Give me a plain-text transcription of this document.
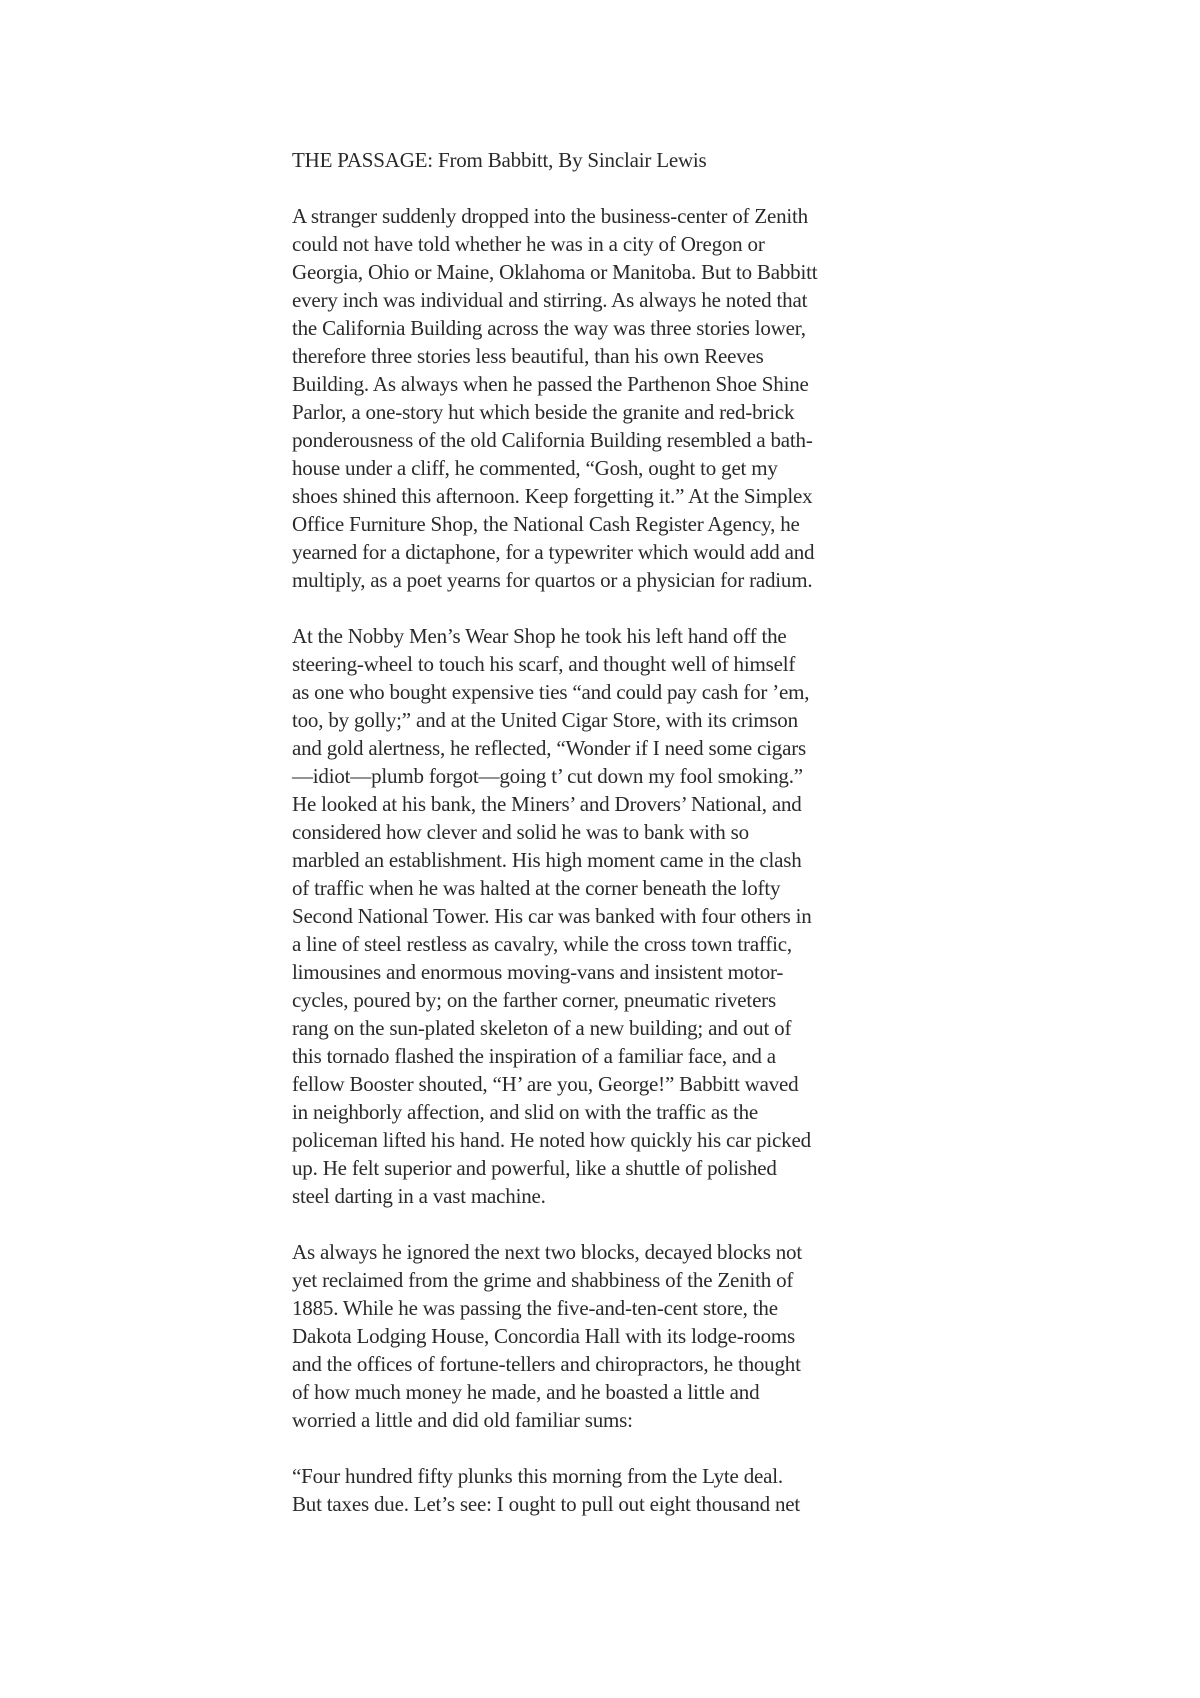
THE PASSAGE: From Babbitt, By Sinclair Lewis

A stranger suddenly dropped into the business-center of Zenith
could not have told whether he was in a city of Oregon or
Georgia, Ohio or Maine, Oklahoma or Manitoba. But to Babbitt
every inch was individual and stirring. As always he noted that
the California Building across the way was three stories lower,
therefore three stories less beautiful, than his own Reeves
Building. As always when he passed the Parthenon Shoe Shine
Parlor, a one-story hut which beside the granite and red-brick
ponderousness of the old California Building resembled a bath-
house under a cliff, he commented, “Gosh, ought to get my
shoes shined this afternoon. Keep forgetting it.” At the Simplex
Office Furniture Shop, the National Cash Register Agency, he
yearned for a dictaphone, for a typewriter which would add and
multiply, as a poet yearns for quartos or a physician for radium.

At the Nobby Men’s Wear Shop he took his left hand off the
steering-wheel to touch his scarf, and thought well of himself
as one who bought expensive ties “and could pay cash for ’em,
too, by golly;” and at the United Cigar Store, with its crimson
and gold alertness, he reflected, “Wonder if I need some cigars
—idiot—plumb forgot—going t’ cut down my fool smoking.”
He looked at his bank, the Miners’ and Drovers’ National, and
considered how clever and solid he was to bank with so
marbled an establishment. His high moment came in the clash
of traffic when he was halted at the corner beneath the lofty
Second National Tower. His car was banked with four others in
a line of steel restless as cavalry, while the cross town traffic,
limousines and enormous moving-vans and insistent motor-
cycles, poured by; on the farther corner, pneumatic riveters
rang on the sun-plated skeleton of a new building; and out of
this tornado flashed the inspiration of a familiar face, and a
fellow Booster shouted, “H’ are you, George!” Babbitt waved
in neighborly affection, and slid on with the traffic as the
policeman lifted his hand. He noted how quickly his car picked
up. He felt superior and powerful, like a shuttle of polished
steel darting in a vast machine.

As always he ignored the next two blocks, decayed blocks not
yet reclaimed from the grime and shabbiness of the Zenith of
1885. While he was passing the five-and-ten-cent store, the
Dakota Lodging House, Concordia Hall with its lodge-rooms
and the offices of fortune-tellers and chiropractors, he thought
of how much money he made, and he boasted a little and
worried a little and did old familiar sums:

“Four hundred fifty plunks this morning from the Lyte deal.
But taxes due. Let’s see: I ought to pull out eight thousand net
